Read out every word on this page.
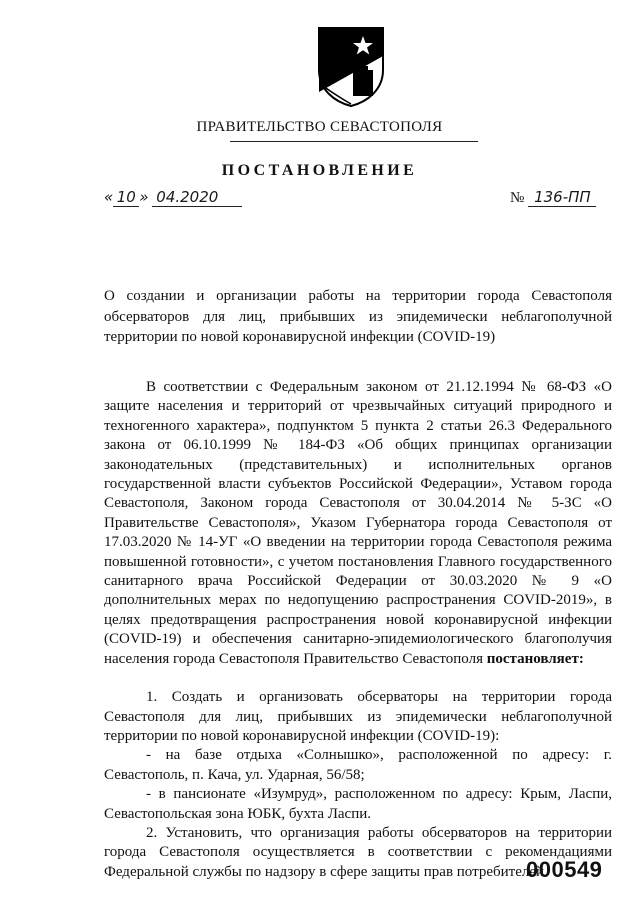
ПРАВИТЕЛЬСТВО СЕВАСТОПОЛЯ
ПОСТАНОВЛЕНИЕ
« 10 » 04.2020	№ 136-ПП

О создании и организации работы на территории города Севастополя обсерваторов для лиц, прибывших из эпидемически неблагополучной территории по новой коронавирусной инфекции (COVID-19)

В соответствии с Федеральным законом от 21.12.1994 № 68-ФЗ «О защите населения и территорий от чрезвычайных ситуаций природного и техногенного характера», подпунктом 5 пункта 2 статьи 26.3 Федерального закона от 06.10.1999 № 184-ФЗ «Об общих принципах организации законодательных (представительных) и исполнительных органов государственной власти субъектов Российской Федерации», Уставом города Севастополя, Законом города Севастополя от 30.04.2014 № 5-ЗС «О Правительстве Севастополя», Указом Губернатора города Севастополя от 17.03.2020 № 14-УГ «О введении на территории города Севастополя режима повышенной готовности», с учетом постановления Главного государственного санитарного врача Российской Федерации от 30.03.2020 № 9 «О дополнительных мерах по недопущению распространения COVID-2019», в целях предотвращения распространения новой коронавирусной инфекции (COVID-19) и обеспечения санитарно-эпидемиологического благополучия населения города Севастополя Правительство Севастополя постановляет:

1. Создать и организовать обсерваторы на территории города Севастополя для лиц, прибывших из эпидемически неблагополучной территории по новой коронавирусной инфекции (COVID-19):

- на базе отдыха «Солнышко», расположенной по адресу: г. Севастополь, п. Кача, ул. Ударная, 56/58;

- в пансионате «Изумруд», расположенном по адресу: Крым, Ласпи, Севастопольская зона ЮБК, бухта Ласпи.

2. Установить, что организация работы обсерваторов на территории города Севастополя осуществляется в соответствии с рекомендациями Федеральной службы по надзору в сфере защиты прав потребителей

000549
